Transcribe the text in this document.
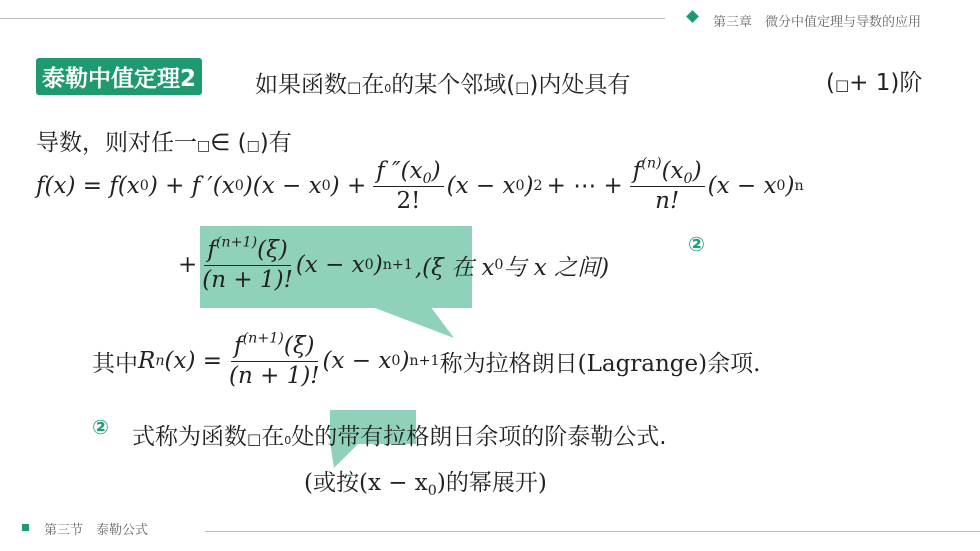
第三章　微分中值定理与导数的应用
泰勒中值定理2	如果函数□在0的某个邻域(□)内处具有	(□+ 1)阶
导数，则对任一□∈ (□)有
f(x) = f(x 0 ) + f ′(x 0 )(x − x 0 ) + $\frac{f ''(x_0)}{2!} (x - x$ 0 ) 2 + ⋯ + $\frac{f^{(n)}(x_0)}{n!} (x - x$ 0 ) n
+ $\frac{f^{(n+1)}(\xi)}{(n + 1)!} (x - x$ 0 ) n+1 ,(ξ 在 x 0 与 x 之间)
②
其中 R n $(x) = \frac{f^{(n+1)}(\xi)}{(n + 1)!} (x - x$ 0 ) n+1 称为拉格朗日(Lagrange)余项.
② 式称为函数□在0处的带有拉格朗日余项的阶泰勒公式.
(或按$(x - x_0)$的幂展开)
第三节　泰勒公式
